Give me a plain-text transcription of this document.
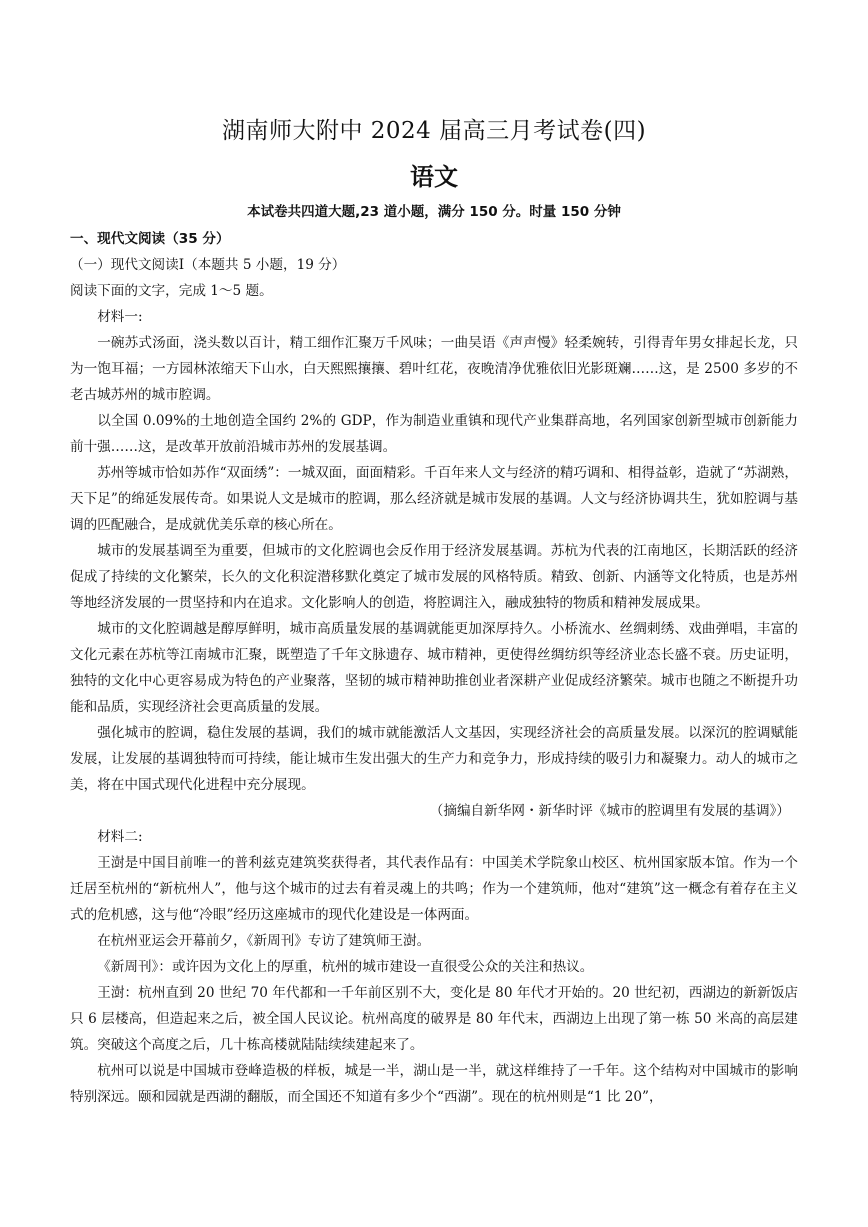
湖南师大附中 2024 届高三月考试卷(四)
语文
本试卷共四道大题,23 道小题，满分 150 分。时量 150 分钟

一、现代文阅读（35 分）

（一）现代文阅读Ⅰ（本题共 5 小题，19 分）

阅读下面的文字，完成 1～5 题。

材料一:

一碗苏式汤面，浇头数以百计，精工细作汇聚万千风味；一曲吴语《声声慢》轻柔婉转，引得青年男女排起长龙，只为一饱耳福；一方园林浓缩天下山水，白天熙熙攘攘、碧叶红花，夜晚清净优雅依旧光影斑斓……这，是 2500 多岁的不老古城苏州的城市腔调。

以全国 0.09%的土地创造全国约 2%的 GDP，作为制造业重镇和现代产业集群高地，名列国家创新型城市创新能力前十强……这，是改革开放前沿城市苏州的发展基调。

苏州等城市恰如苏作“双面绣”：一城双面，面面精彩。千百年来人文与经济的精巧调和、相得益彰，造就了“苏湖熟，天下足”的绵延发展传奇。如果说人文是城市的腔调，那么经济就是城市发展的基调。人文与经济协调共生，犹如腔调与基调的匹配融合，是成就优美乐章的核心所在。

城市的发展基调至为重要，但城市的文化腔调也会反作用于经济发展基调。苏杭为代表的江南地区，长期活跃的经济促成了持续的文化繁荣，长久的文化积淀潜移默化奠定了城市发展的风格特质。精致、创新、内涵等文化特质，也是苏州等地经济发展的一贯坚持和内在追求。文化影响人的创造，将腔调注入，融成独特的物质和精神发展成果。

城市的文化腔调越是醇厚鲜明，城市高质量发展的基调就能更加深厚持久。小桥流水、丝绸刺绣、戏曲弹唱，丰富的文化元素在苏杭等江南城市汇聚，既塑造了千年文脉遗存、城市精神，更使得丝绸纺织等经济业态长盛不衰。历史证明，独特的文化中心更容易成为特色的产业聚落，坚韧的城市精神助推创业者深耕产业促成经济繁荣。城市也随之不断提升功能和品质，实现经济社会更高质量的发展。

强化城市的腔调，稳住发展的基调，我们的城市就能激活人文基因，实现经济社会的高质量发展。以深沉的腔调赋能发展，让发展的基调独特而可持续，能让城市生发出强大的生产力和竞争力，形成持续的吸引力和凝聚力。动人的城市之美，将在中国式现代化进程中充分展现。

（摘编自新华网・新华时评《城市的腔调里有发展的基调》）

材料二:

王澍是中国目前唯一的普利兹克建筑奖获得者，其代表作品有：中国美术学院象山校区、杭州国家版本馆。作为一个迁居至杭州的“新杭州人”，他与这个城市的过去有着灵魂上的共鸣；作为一个建筑师，他对“建筑”这一概念有着存在主义式的危机感，这与他“冷眼”经历这座城市的现代化建设是一体两面。

在杭州亚运会开幕前夕，《新周刊》专访了建筑师王澍。

《新周刊》：或许因为文化上的厚重，杭州的城市建设一直很受公众的关注和热议。

王澍：杭州直到 20 世纪 70 年代都和一千年前区别不大，变化是 80 年代才开始的。20 世纪初，西湖边的新新饭店只 6 层楼高，但造起来之后，被全国人民议论。杭州高度的破界是 80 年代末，西湖边上出现了第一栋 50 米高的高层建筑。突破这个高度之后，几十栋高楼就陆陆续续建起来了。

杭州可以说是中国城市登峰造极的样板，城是一半，湖山是一半，就这样维持了一千年。这个结构对中国城市的影响特别深远。颐和园就是西湖的翻版，而全国还不知道有多少个“西湖”。现在的杭州则是“1 比 20”，
